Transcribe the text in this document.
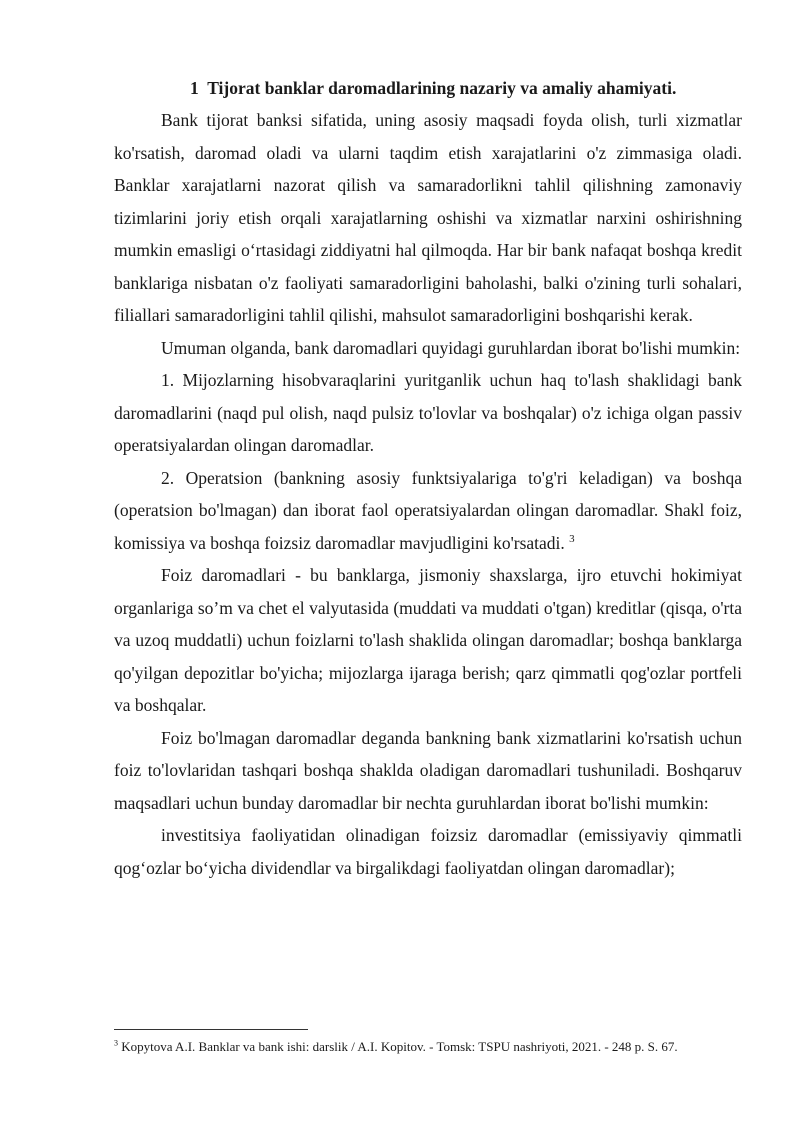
1 Tijorat banklar daromadlarining nazariy va amaliy ahamiyati.

Bank tijorat banksi sifatida, uning asosiy maqsadi foyda olish, turli xizmatlar ko'rsatish, daromad oladi va ularni taqdim etish xarajatlarini o'z zimmasiga oladi. Banklar xarajatlarni nazorat qilish va samaradorlikni tahlil qilishning zamonaviy tizimlarini joriy etish orqali xarajatlarning oshishi va xizmatlar narxini oshirishning mumkin emasligi oʻrtasidagi ziddiyatni hal qilmoqda. Har bir bank nafaqat boshqa kredit banklariga nisbatan o'z faoliyati samaradorligini baholashi, balki o'zining turli sohalari, filiallari samaradorligini tahlil qilishi, mahsulot samaradorligini boshqarishi kerak.

Umuman olganda, bank daromadlari quyidagi guruhlardan iborat bo'lishi mumkin:

1. Mijozlarning hisobvaraqlarini yuritganlik uchun haq to'lash shaklidagi bank daromadlarini (naqd pul olish, naqd pulsiz to'lovlar va boshqalar) o'z ichiga olgan passiv operatsiyalardan olingan daromadlar.

2. Operatsion (bankning asosiy funktsiyalariga to'g'ri keladigan) va boshqa (operatsion bo'lmagan) dan iborat faol operatsiyalardan olingan daromadlar. Shakl foiz, komissiya va boshqa foizsiz daromadlar mavjudligini ko'rsatadi. $^3$

Foiz daromadlari - bu banklarga, jismoniy shaxslarga, ijro etuvchi hokimiyat organlariga so’m va chet el valyutasida (muddati va muddati o'tgan) kreditlar (qisqa, o'rta va uzoq muddatli) uchun foizlarni to'lash shaklida olingan daromadlar; boshqa banklarga qo'yilgan depozitlar bo'yicha; mijozlarga ijaraga berish; qarz qimmatli qog'ozlar portfeli va boshqalar.

Foiz bo'lmagan daromadlar deganda bankning bank xizmatlarini ko'rsatish uchun foiz to'lovlaridan tashqari boshqa shaklda oladigan daromadlari tushuniladi. Boshqaruv maqsadlari uchun bunday daromadlar bir nechta guruhlardan iborat bo'lishi mumkin:

investitsiya faoliyatidan olinadigan foizsiz daromadlar (emissiyaviy qimmatli qogʻozlar boʻyicha dividendlar va birgalikdagi faoliyatdan olingan daromadlar);

$^3$ Kopytova A.I. Banklar va bank ishi: darslik / A.I. Kopitov. - Tomsk: TSPU nashriyoti, 2021. - 248 p. S. 67.
